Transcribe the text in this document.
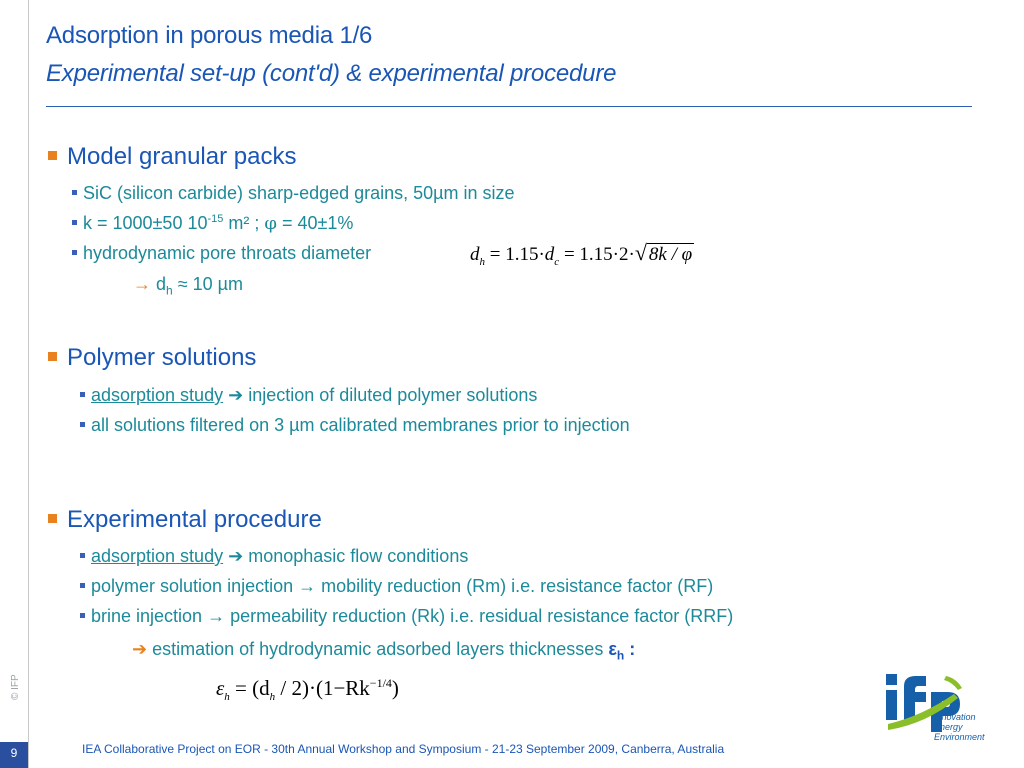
Adsorption in porous media 1/6
Experimental set-up (cont'd) & experimental procedure
Model granular packs
SiC (silicon carbide) sharp-edged grains, 50µm in size
k = 1000±50 $10^{-15}$ m² ; φ = 40±1%
hydrodynamic pore throats diameter	$d_h = 1.15\cdot d_c = 1.15\cdot 2\cdot√$ 8k / φ
→ $d_h \approx 10$ µm
Polymer solutions
adsorption study ➔ injection of diluted polymer solutions
all solutions filtered on 3 µm calibrated membranes prior to injection
Experimental procedure
adsorption study ➔ monophasic flow conditions
polymer solution injection → mobility reduction (Rm) i.e. resistance factor (RF)
brine injection → permeability reduction (Rk) i.e. residual resistance factor (RRF)
➔ estimation of hydrodynamic adsorbed layers thicknesses $\varepsilon_h$ :
$\varepsilon_h = (d_h / 2)\cdot(1-Rk^{-1/4})$
© IFP
9	IEA Collaborative Project on EOR - 30th Annual Workshop and Symposium - 21-23 September 2009, Canberra, Australia
Innovation
Energy
Environment
